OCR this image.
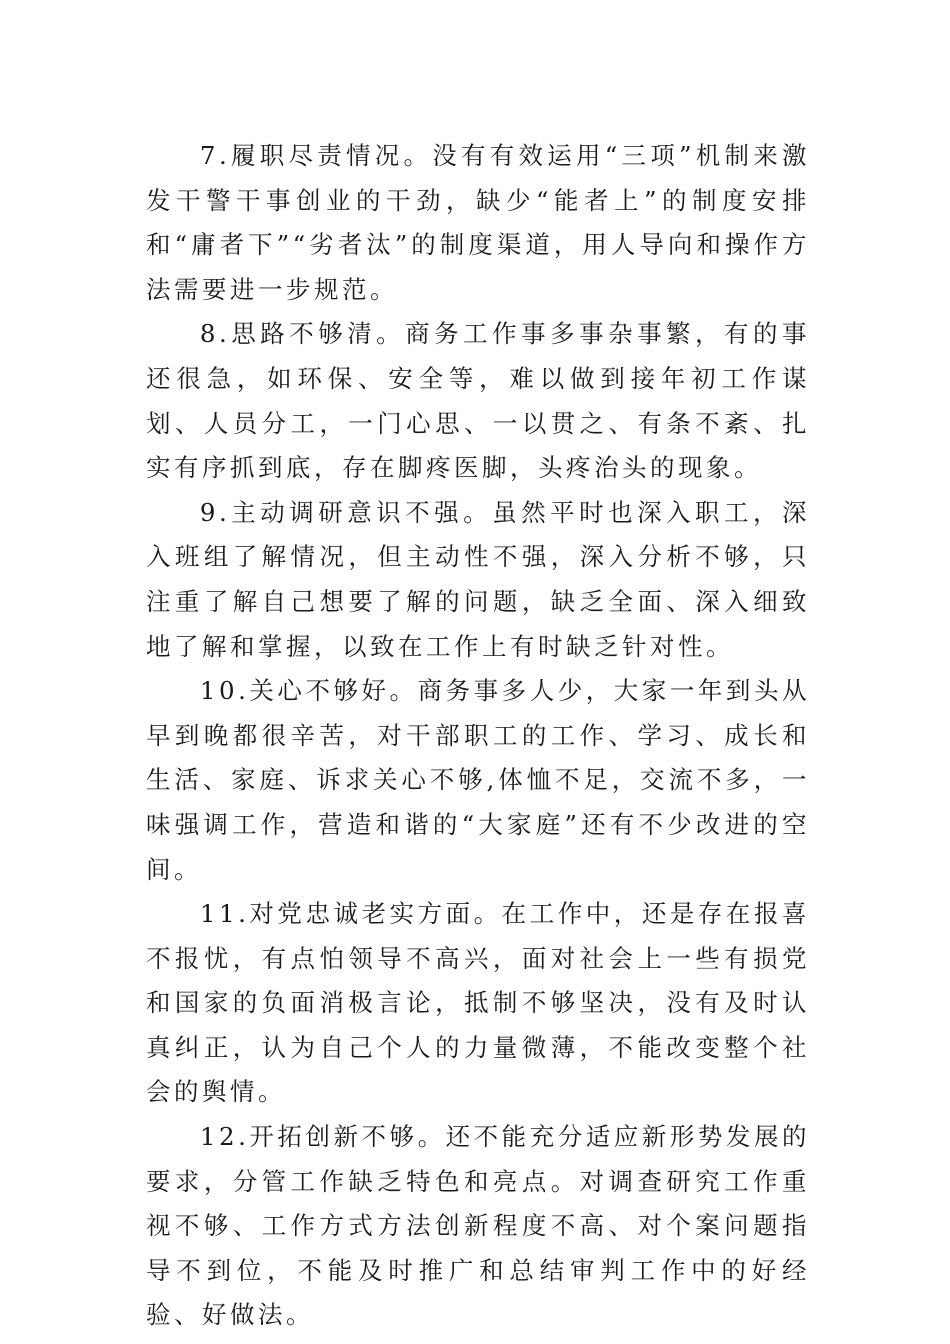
7.履职尽责情况。没有有效运用“三项”机制来激发干警干事创业的干劲，缺少“能者上”的制度安排和“庸者下”“劣者汰”的制度渠道，用人导向和操作方法需要进一步规范。

8.思路不够清。商务工作事多事杂事繁，有的事还很急，如环保、安全等，难以做到接年初工作谋划、人员分工，一门心思、一以贯之、有条不紊、扎实有序抓到底，存在脚疼医脚，头疼治头的现象。

9.主动调研意识不强。虽然平时也深入职工，深入班组了解情况，但主动性不强，深入分析不够，只注重了解自己想要了解的问题，缺乏全面、深入细致地了解和掌握，以致在工作上有时缺乏针对性。

10.关心不够好。商务事多人少，大家一年到头从早到晚都很辛苦，对干部职工的工作、学习、成长和生活、家庭、诉求关心不够,体恤不足，交流不多，一味强调工作，营造和谐的“大家庭”还有不少改进的空间。

11.对党忠诚老实方面。在工作中，还是存在报喜不报忧，有点怕领导不高兴，面对社会上一些有损党和国家的负面消极言论，抵制不够坚决，没有及时认真纠正，认为自己个人的力量微薄，不能改变整个社会的舆情。

12.开拓创新不够。还不能充分适应新形势发展的要求，分管工作缺乏特色和亮点。对调查研究工作重视不够、工作方式方法创新程度不高、对个案问题指导不到位，不能及时推广和总结审判工作中的好经验、好做法。
